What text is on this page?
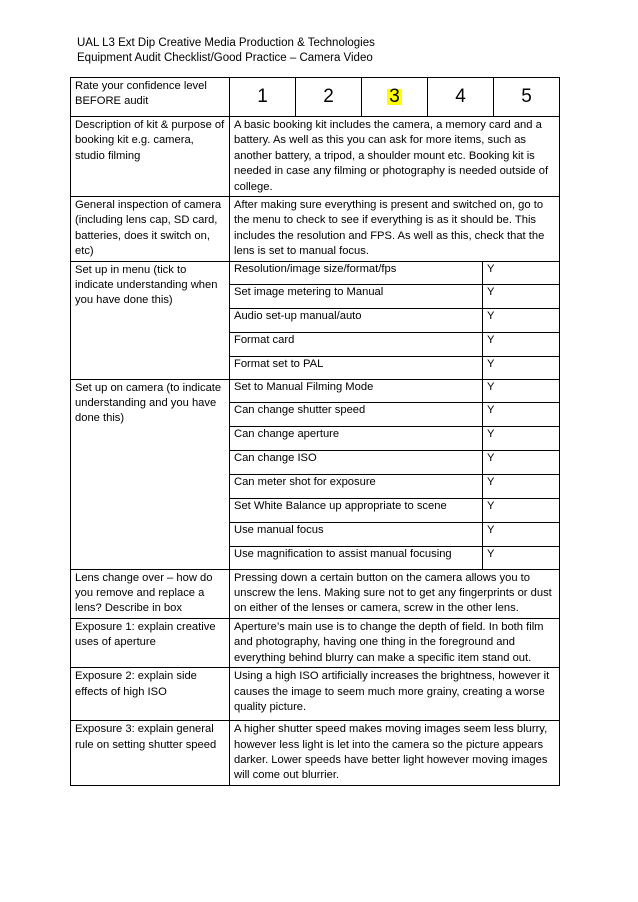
UAL L3 Ext Dip Creative Media Production & Technologies
Equipment Audit Checklist/Good Practice – Camera Video
Rate your confidence level BEFORE audit	1	2	3	4	5

Description of kit & purpose of booking kit e.g. camera, studio filming	A basic booking kit includes the camera, a memory card and a battery. As well as this you can ask for more items, such as another battery, a tripod, a shoulder mount etc. Booking kit is needed in case any filming or photography is needed outside of college.
General inspection of camera (including lens cap, SD card, batteries, does it switch on, etc)	After making sure everything is present and switched on, go to the menu to check to see if everything is as it should be. This includes the resolution and FPS. As well as this, check that the lens is set to manual focus.
Set up in menu (tick to indicate understanding when you have done this)	
Resolution/image size/format/fps	Y
Set image metering to Manual	Y
Audio set-up manual/auto	Y
Format card	Y
Format set to PAL	Y

Set up on camera (to indicate understanding and you have done this)	
Set to Manual Filming Mode	Y
Can change shutter speed	Y
Can change aperture	Y
Can change ISO	Y
Can meter shot for exposure	Y
Set White Balance up appropriate to scene	Y
Use manual focus	Y
Use magnification to assist manual focusing	Y

Lens change over – how do you remove and replace a lens? Describe in box	Pressing down a certain button on the camera allows you to unscrew the lens. Making sure not to get any fingerprints or dust on either of the lenses or camera, screw in the other lens.
Exposure 1: explain creative uses of aperture	Aperture’s main use is to change the depth of field. In both film and photography, having one thing in the foreground and everything behind blurry can make a specific item stand out.
Exposure 2: explain side effects of high ISO	Using a high ISO artificially increases the brightness, however it causes the image to seem much more grainy, creating a worse quality picture.
Exposure 3: explain general rule on setting shutter speed	A higher shutter speed makes moving images seem less blurry, however less light is let into the camera so the picture appears darker. Lower speeds have better light however moving images will come out blurrier.
